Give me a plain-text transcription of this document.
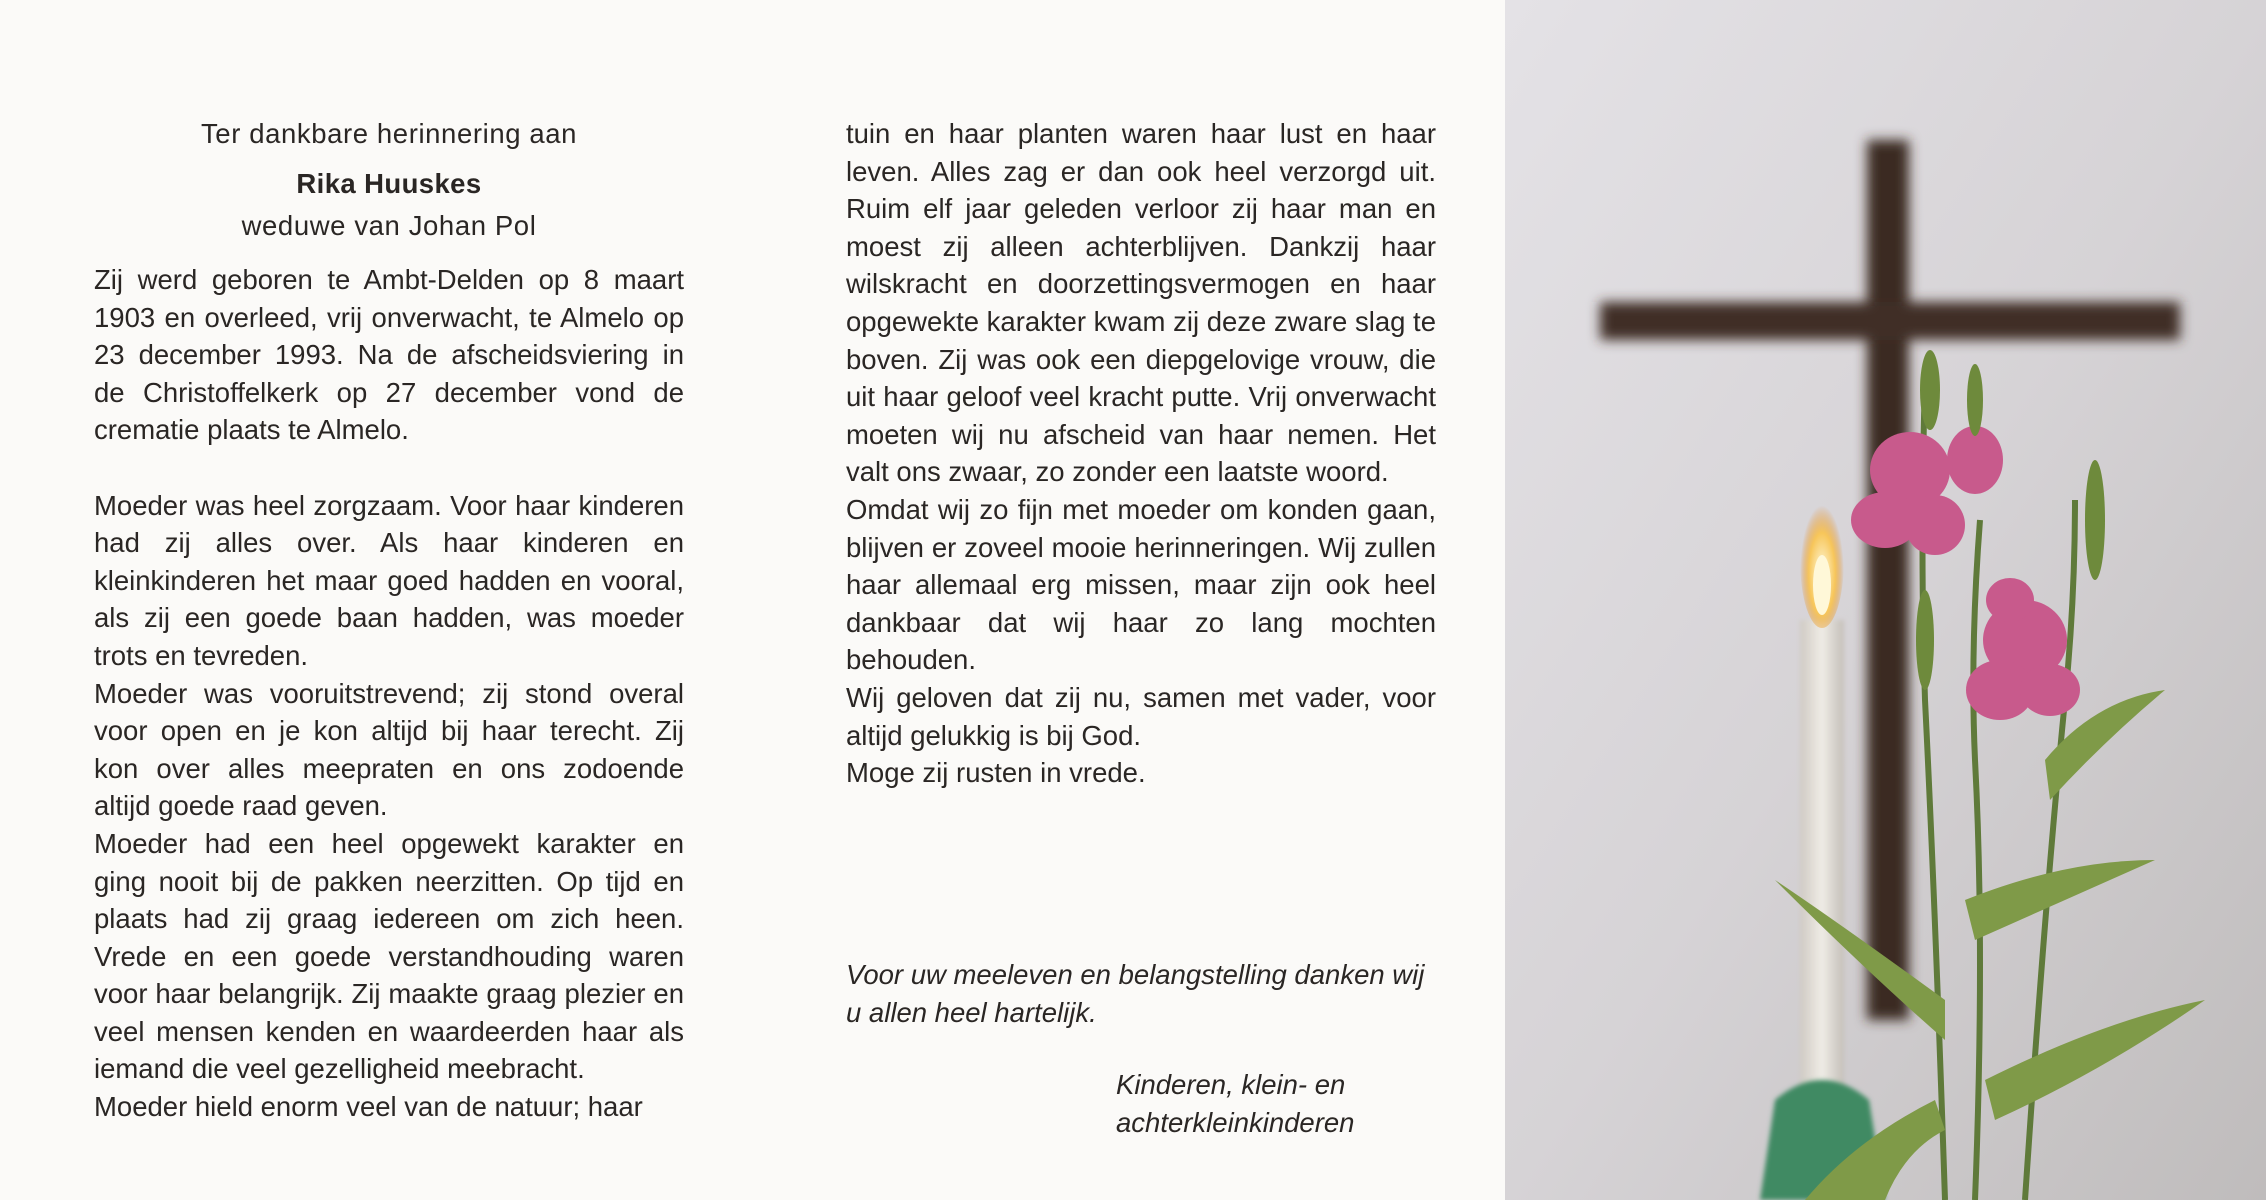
Ter dankbare herinnering aan
Rika Huuskes
weduwe van Johan Pol

Zij werd geboren te Ambt-Delden op 8 maart 1903 en overleed, vrij onverwacht, te Almelo op 23 december 1993. Na de afscheidsviering in de Christoffelkerk op 27 december vond de crematie plaats te Almelo.

Moeder was heel zorgzaam. Voor haar kinderen had zij alles over. Als haar kinderen en kleinkinderen het maar goed hadden en vooral, als zij een goede baan hadden, was moeder trots en tevreden.

Moeder was vooruitstrevend; zij stond overal voor open en je kon altijd bij haar terecht. Zij kon over alles meepraten en ons zodoende altijd goede raad geven.

Moeder had een heel opgewekt karakter en ging nooit bij de pakken neerzitten. Op tijd en plaats had zij graag iedereen om zich heen. Vrede en een goede verstandhouding waren voor haar belangrijk. Zij maakte graag plezier en veel mensen kenden en waardeerden haar als iemand die veel gezelligheid meebracht.

Moeder hield enorm veel van de natuur; haar

tuin en haar planten waren haar lust en haar leven. Alles zag er dan ook heel verzorgd uit. Ruim elf jaar geleden verloor zij haar man en moest zij alleen achterblijven. Dankzij haar wilskracht en doorzettingsvermogen en haar opgewekte karakter kwam zij deze zware slag te boven. Zij was ook een diepgelovige vrouw, die uit haar geloof veel kracht putte. Vrij onverwacht moeten wij nu afscheid van haar nemen. Het valt ons zwaar, zo zonder een laatste woord.

Omdat wij zo fijn met moeder om konden gaan, blijven er zoveel mooie herinneringen. Wij zullen haar allemaal erg missen, maar zijn ook heel dankbaar dat wij haar zo lang mochten behouden.

Wij geloven dat zij nu, samen met vader, voor altijd gelukkig is bij God.

Moge zij rusten in vrede.

Voor uw meeleven en belangstelling danken wij u allen heel hartelijk.
Kinderen, klein- en
achterkleinkinderen
